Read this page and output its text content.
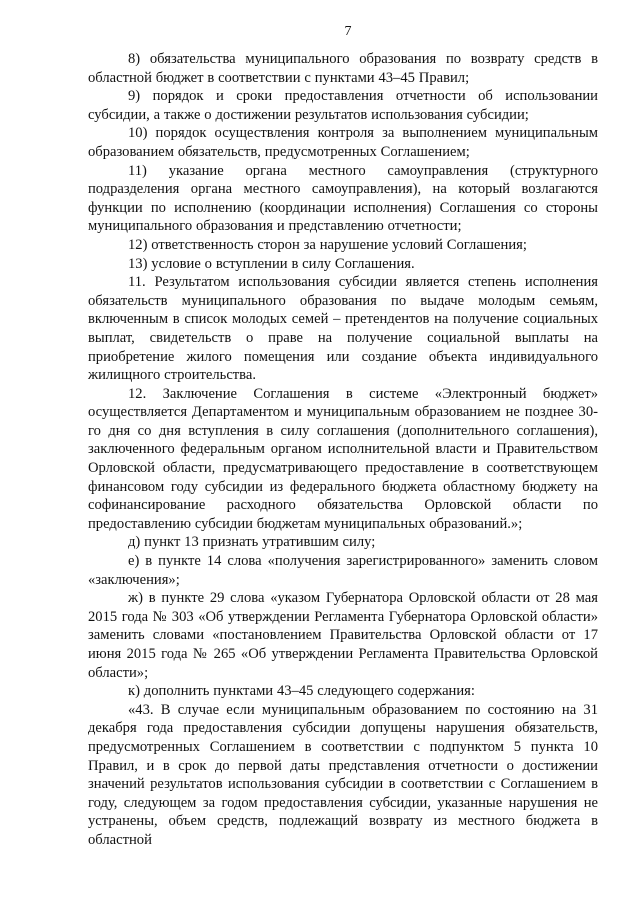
7

8) обязательства муниципального образования по возврату средств в областной бюджет в соответствии с пунктами 43–45 Правил;

9) порядок и сроки предоставления отчетности об использовании субсидии, а также о достижении результатов использования субсидии;

10) порядок осуществления контроля за выполнением муниципальным образованием обязательств, предусмотренных Соглашением;

11) указание органа местного самоуправления (структурного подразделения органа местного самоуправления), на который возлагаются функции по исполнению (координации исполнения) Соглашения со стороны муниципального образования и представлению отчетности;

12) ответственность сторон за нарушение условий Соглашения;

13) условие о вступлении в силу Соглашения.

11. Результатом использования субсидии является степень исполнения обязательств муниципального образования по выдаче молодым семьям, включенным в список молодых семей – претендентов на получение социальных выплат, свидетельств о праве на получение социальной выплаты на приобретение жилого помещения или создание объекта индивидуального жилищного строительства.

12. Заключение Соглашения в системе «Электронный бюджет» осуществляется Департаментом и муниципальным образованием не позднее 30-го дня со дня вступления в силу соглашения (дополнительного соглашения), заключенного федеральным органом исполнительной власти и Правительством Орловской области, предусматривающего предоставление в соответствующем финансовом году субсидии из федерального бюджета областному бюджету на софинансирование расходного обязательства Орловской области по предоставлению субсидии бюджетам муниципальных образований.»;

д) пункт 13 признать утратившим силу;

е) в пункте 14 слова «получения зарегистрированного» заменить словом «заключения»;

ж) в пункте 29 слова «указом Губернатора Орловской области от 28 мая 2015 года № 303 «Об утверждении Регламента Губернатора Орловской области» заменить словами «постановлением Правительства Орловской области от 17 июня 2015 года № 265 «Об утверждении Регламента Правительства Орловской области»;

к) дополнить пунктами 43–45 следующего содержания:

«43. В случае если муниципальным образованием по состоянию на 31 декабря года предоставления субсидии допущены нарушения обязательств, предусмотренных Соглашением в соответствии с подпунктом 5 пункта 10 Правил, и в срок до первой даты представления отчетности о достижении значений результатов использования субсидии в соответствии с Соглашением в году, следующем за годом предоставления субсидии, указанные нарушения не устранены, объем средств, подлежащий возврату из местного бюджета в областной
